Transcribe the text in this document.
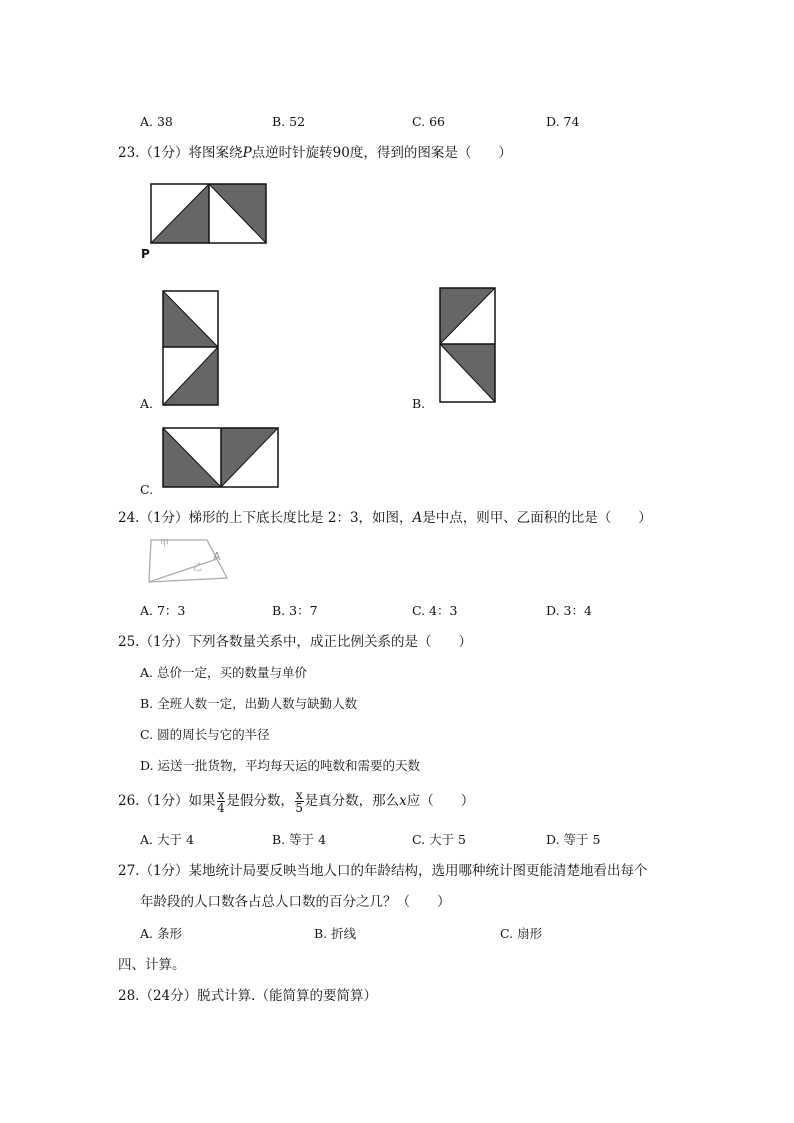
A. 38	B. 52	C. 66	D. 74
23.（1分）将图案绕P点逆时针旋转90度，得到的图案是（　　）
P
A.	B.
C.
24.（1分）梯形的上下底长度比是 2：3，如图，A是中点，则甲、乙面积的比是（　　）
甲
乙
A
A. 7：3	B. 3：7	C. 4：3	D. 3：4
25.（1分）下列各数量关系中，成正比例关系的是（　　）
A. 总价一定，买的数量与单价
B. 全班人数一定，出勤人数与缺勤人数
C. 圆的周长与它的半径
D. 运送一批货物，平均每天运的吨数和需要的天数
26.（1分）如果 $\frac{x}{4}$ 是假分数， $\frac{x}{5}$ 是真分数，那么x应（　　）
A. 大于 4	B. 等于 4	C. 大于 5	D. 等于 5
27.（1分）某地统计局要反映当地人口的年龄结构，选用哪种统计图更能清楚地看出每个
年龄段的人口数各占总人口数的百分之几？（　　）
A. 条形	B. 折线	C. 扇形
四、计算。
28.（24分）脱式计算.（能简算的要简算）
